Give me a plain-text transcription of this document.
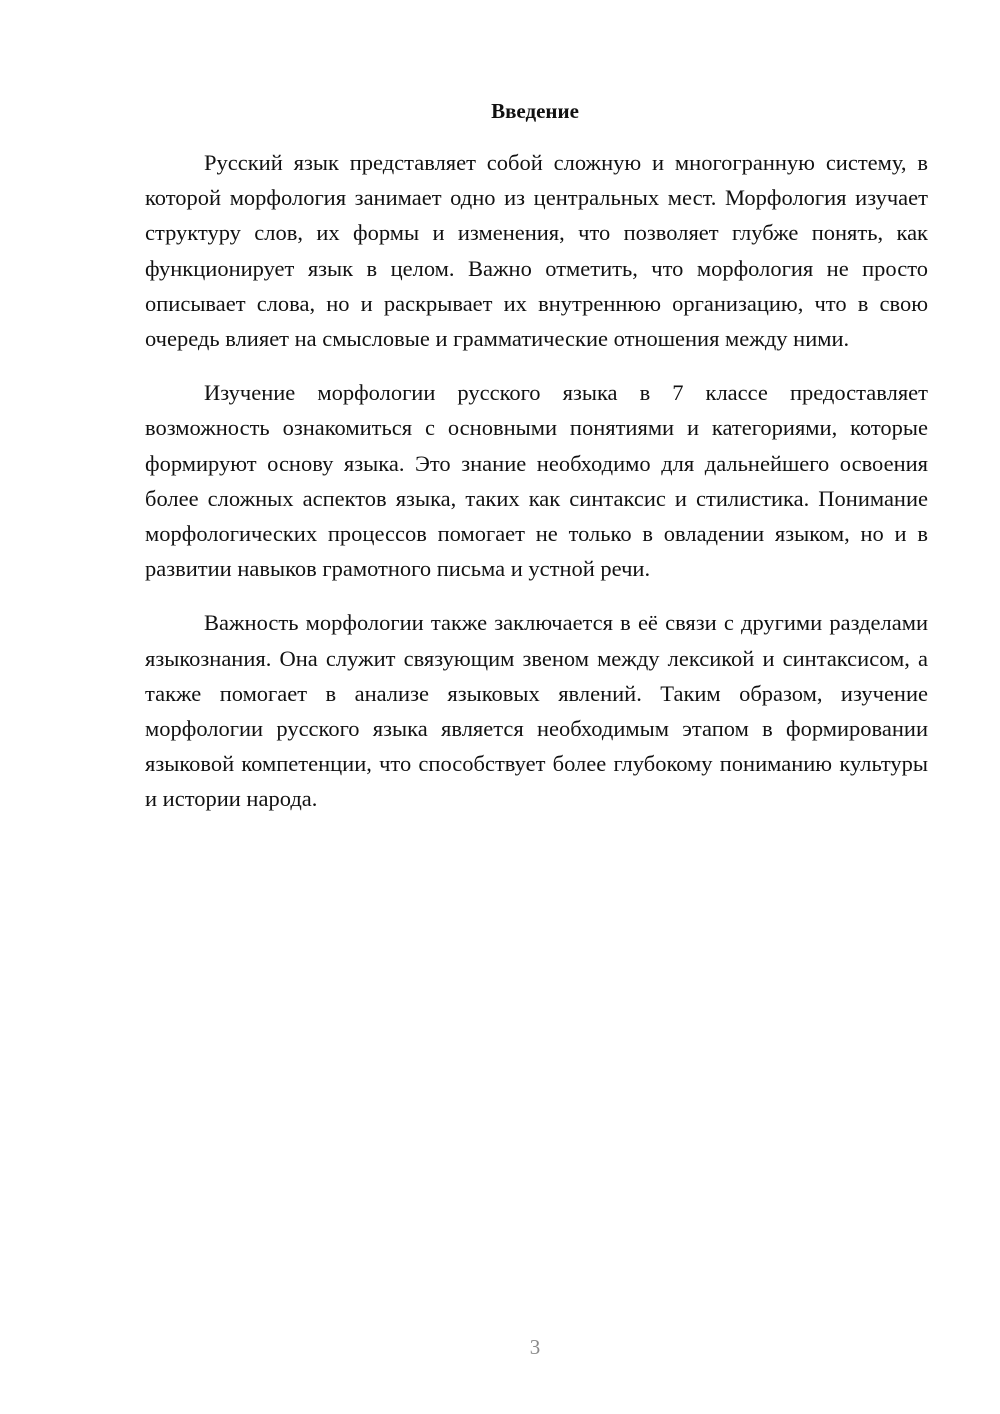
Введение

Русский язык представляет собой сложную и многогранную систему, в которой морфология занимает одно из центральных мест. Морфология изучает структуру слов, их формы и изменения, что позволяет глубже понять, как функционирует язык в целом. Важно отметить, что морфология не просто описывает слова, но и раскрывает их внутреннюю организацию, что в свою очередь влияет на смысловые и грамматические отношения между ними.

Изучение морфологии русского языка в 7 классе предоставляет возможность ознакомиться с основными понятиями и категориями, которые формируют основу языка. Это знание необходимо для дальнейшего освоения более сложных аспектов языка, таких как синтаксис и стилистика. Понимание морфологических процессов помогает не только в овладении языком, но и в развитии навыков грамотного письма и устной речи.

Важность морфологии также заключается в её связи с другими разделами языкознания. Она служит связующим звеном между лексикой и синтаксисом, а также помогает в анализе языковых явлений. Таким образом, изучение морфологии русского языка является необходимым этапом в формировании языковой компетенции, что способствует более глубокому пониманию культуры и истории народа.

3
